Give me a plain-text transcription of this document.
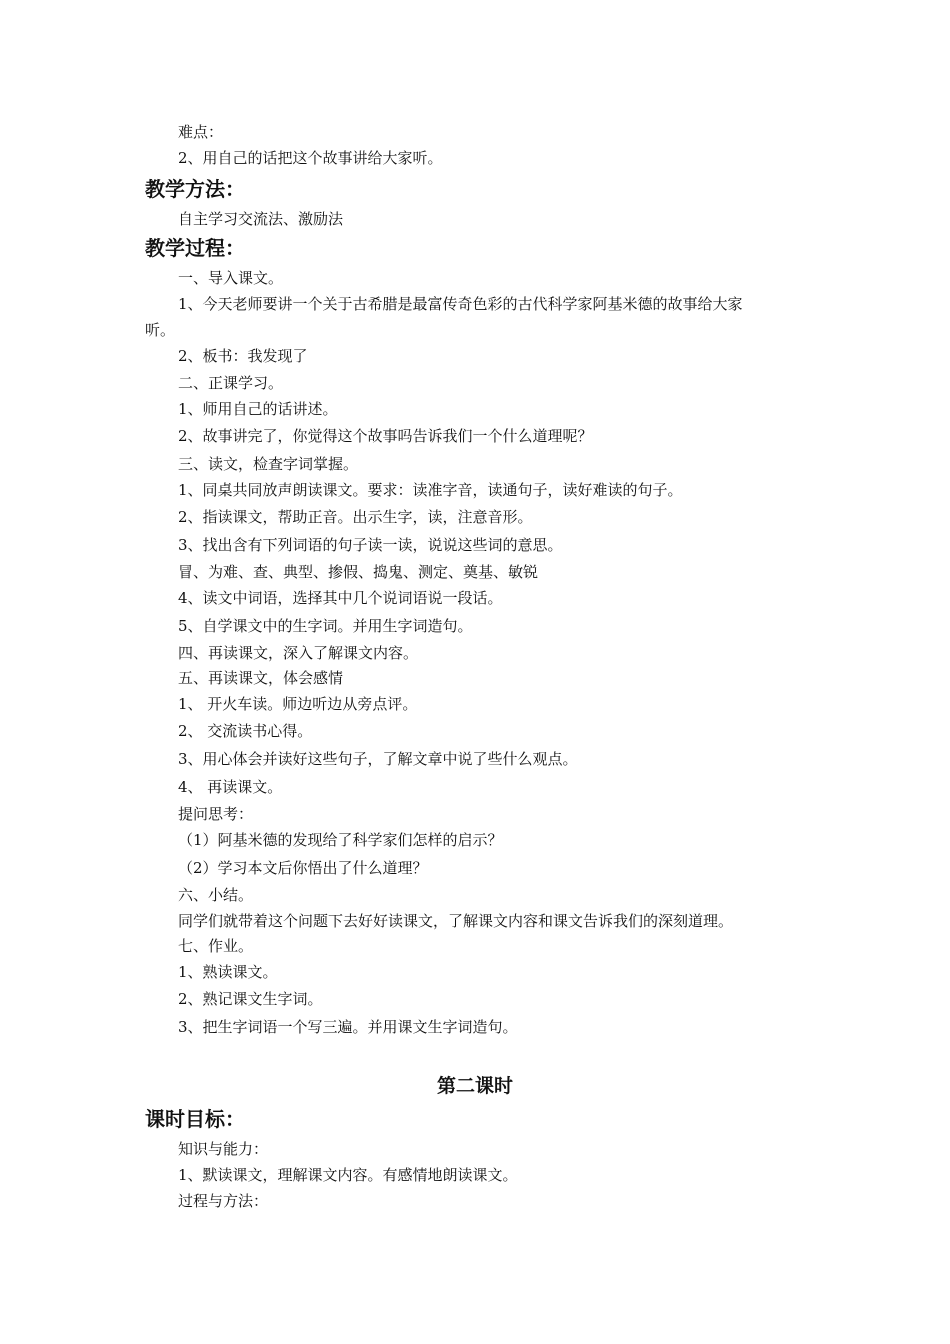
难点：
2、用自己的话把这个故事讲给大家听。
教学方法：
自主学习交流法、激励法
教学过程：
一、导入课文。
1、今天老师要讲一个关于古希腊是最富传奇色彩的古代科学家阿基米德的故事给大家
听。
2、板书：我发现了
二、正课学习。
1、师用自己的话讲述。
2、故事讲完了，你觉得这个故事吗告诉我们一个什么道理呢？
三、读文，检查字词掌握。
1、同桌共同放声朗读课文。要求：读准字音，读通句子，读好难读的句子。
2、指读课文，帮助正音。出示生字，读，注意音形。
3、找出含有下列词语的句子读一读，说说这些词的意思。
冒、为难、查、典型、掺假、捣鬼、测定、奠基、敏锐
4、读文中词语，选择其中几个说词语说一段话。
5、自学课文中的生字词。并用生字词造句。
四、再读课文，深入了解课文内容。
五、再读课文，体会感情
1、 开火车读。师边听边从旁点评。
2、 交流读书心得。
3、用心体会并读好这些句子，了解文章中说了些什么观点。
4、 再读课文。
提问思考：
（1）阿基米德的发现给了科学家们怎样的启示？
（2）学习本文后你悟出了什么道理？
六、小结。
同学们就带着这个问题下去好好读课文，了解课文内容和课文告诉我们的深刻道理。
七、作业。
1、熟读课文。
2、熟记课文生字词。
3、把生字词语一个写三遍。并用课文生字词造句。
第二课时
课时目标：
知识与能力：
1、默读课文，理解课文内容。有感情地朗读课文。
过程与方法：
